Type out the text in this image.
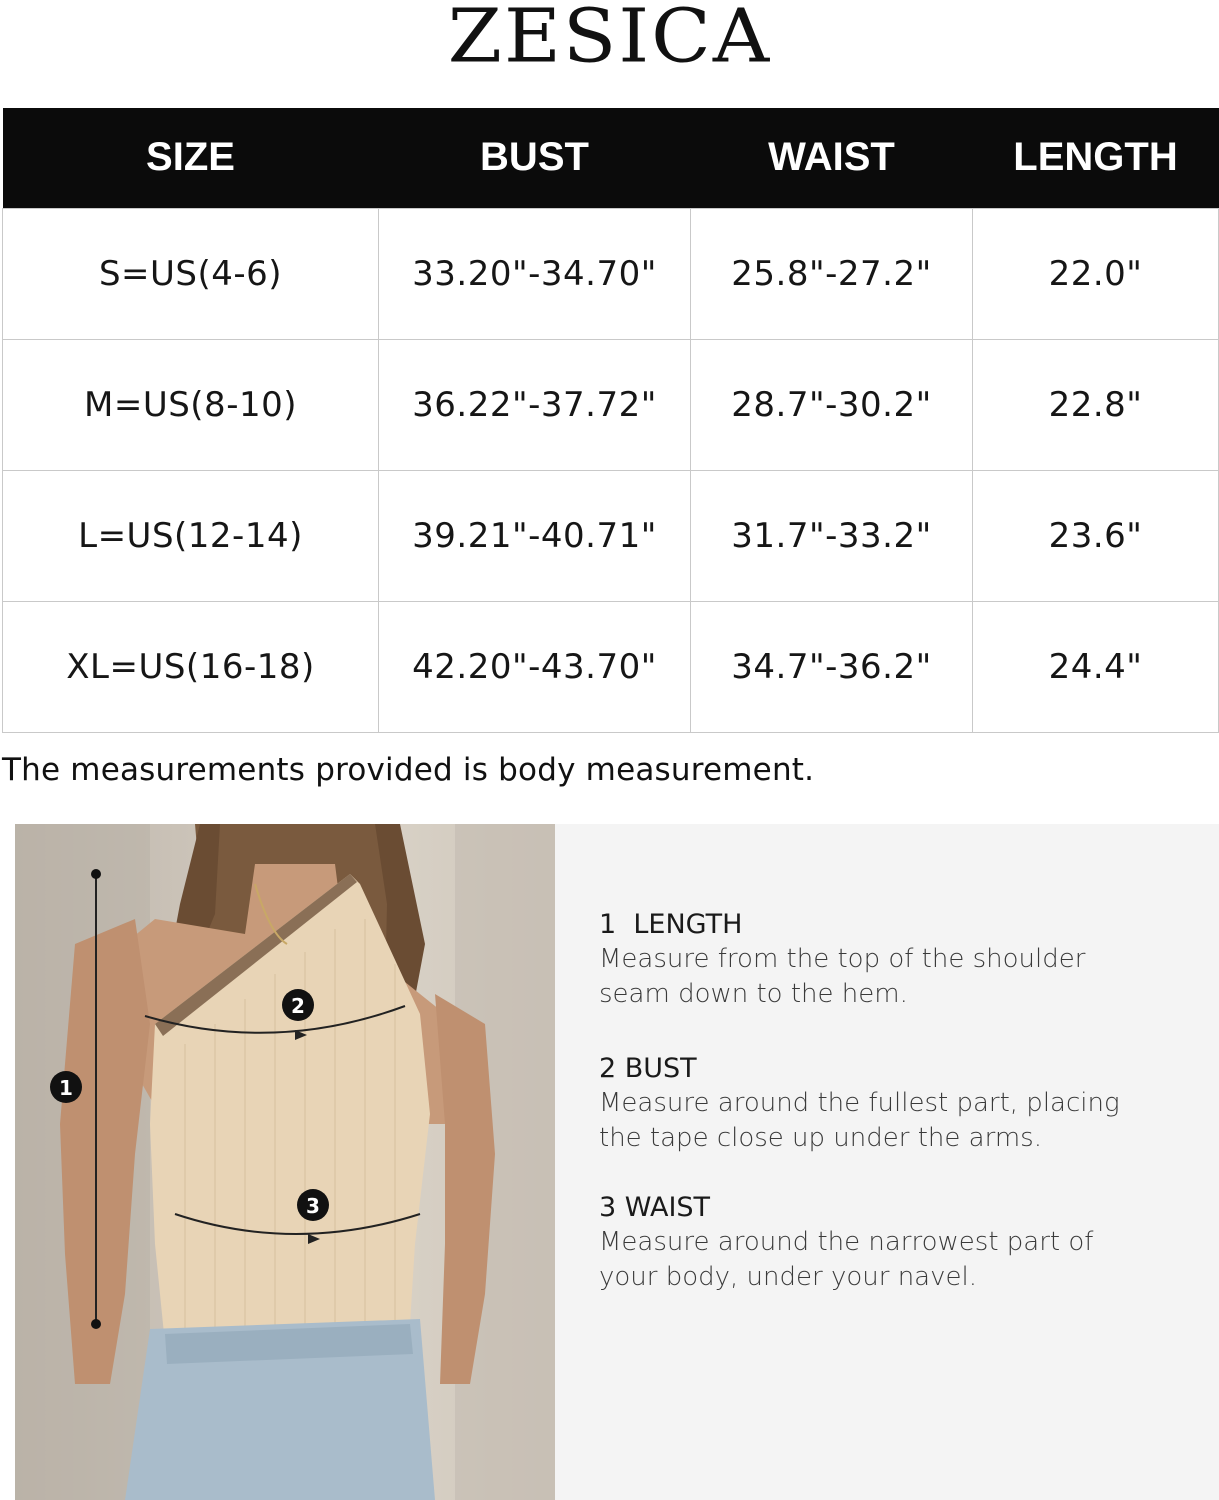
ZESICA
SIZE	BUST	WAIST	LENGTH
S=US(4-6)	33.20"-34.70"	25.8"-27.2"	22.0"
M=US(8-10)	36.22"-37.72"	28.7"-30.2"	22.8"
L=US(12-14)	39.21"-40.71"	31.7"-33.2"	23.6"
XL=US(16-18)	42.20"-43.70"	34.7"-36.2"	24.4"
The measurements provided is body measurement.
1
2
3
1  LENGTH
Measure from the top of the shoulder
seam down to the hem.
2 BUST
Measure around the fullest part, placing
the tape close up under the arms.
3 WAIST
Measure around the narrowest part of
your body, under your navel.
